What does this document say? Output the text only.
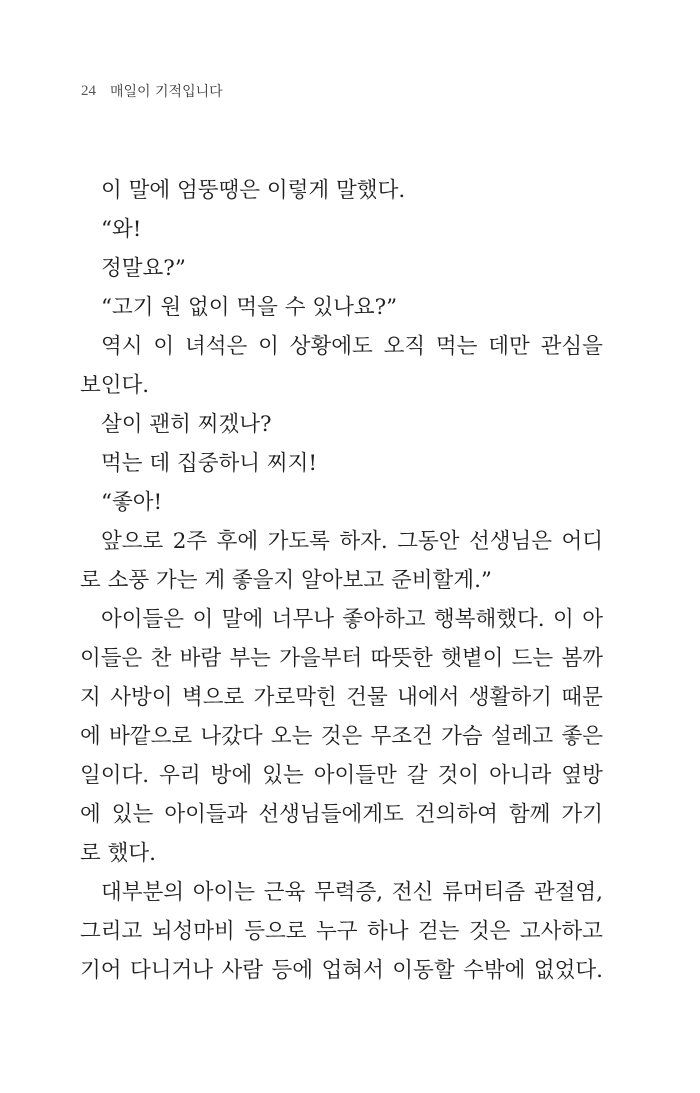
24 매일이 기적입니다
이 말에 엄뚱땡은 이렇게 말했다.
“와!
정말요?”
“고기 원 없이 먹을 수 있나요?”
역시 이 녀석은 이 상황에도 오직 먹는 데만 관심을
보인다.
살이 괜히 찌겠나?
먹는 데 집중하니 찌지!
“좋아!
앞으로 2주 후에 가도록 하자. 그동안 선생님은 어디
로 소풍 가는 게 좋을지 알아보고 준비할게.”
아이들은 이 말에 너무나 좋아하고 행복해했다. 이 아
이들은 찬 바람 부는 가을부터 따뜻한 햇볕이 드는 봄까
지 사방이 벽으로 가로막힌 건물 내에서 생활하기 때문
에 바깥으로 나갔다 오는 것은 무조건 가슴 설레고 좋은
일이다. 우리 방에 있는 아이들만 갈 것이 아니라 옆방
에 있는 아이들과 선생님들에게도 건의하여 함께 가기
로 했다.
대부분의 아이는 근육 무력증, 전신 류머티즘 관절염,
그리고 뇌성마비 등으로 누구 하나 걷는 것은 고사하고
기어 다니거나 사람 등에 업혀서 이동할 수밖에 없었다.
